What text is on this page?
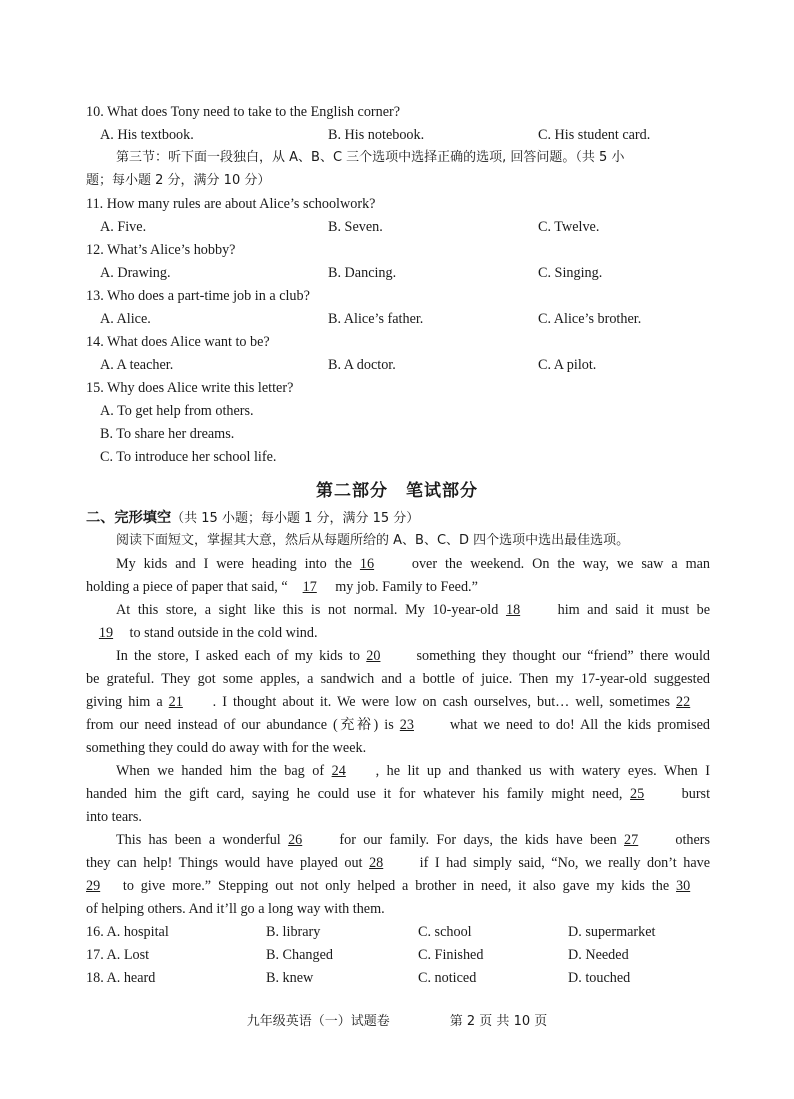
10. What does Tony need to take to the English corner?
A. His textbook.	B. His notebook.	C. His student card.
第三节：听下面一段独白，从 A、B、C 三个选项中选择正确的选项, 回答问题。（共 5 小
题；每小题 2 分，满分 10 分）
11. How many rules are about Alice’s schoolwork?
A. Five.	B. Seven.	C. Twelve.
12. What’s Alice’s hobby?
A. Drawing.	B. Dancing.	C. Singing.
13. Who does a part-time job in a club?
A. Alice.	B. Alice’s father.	C. Alice’s brother.
14. What does Alice want to be?
A. A teacher.	B. A doctor.	C. A pilot.
15. Why does Alice write this letter?
A. To get help from others.
B. To share her dreams.
C. To introduce her school life.
第二部分　笔试部分
二、完形填空（共 15 小题；每小题 1 分，满分 15 分）
阅读下面短文，掌握其大意，然后从每题所给的 A、B、C、D 四个选项中选出最佳选项。
My kids and I were heading into the 16	over the weekend. On the way, we saw a man
holding a piece of paper that said, “ 17 my job. Family to Feed.”
At this store, a sight like this is not normal. My 10-year-old 18	him and said it must be
19 to stand outside in the cold wind.
In the store, I asked each of my kids to 20	something they thought our “friend” there would
be grateful. They got some apples, a sandwich and a bottle of juice. Then my 17-year-old suggested
giving him a 21 . I thought about it. We were low on cash ourselves, but… well, sometimes 22
from our need instead of our abundance (充裕) is 23	what we need to do! All the kids promised
something they could do away with for the week.
When we handed him the bag of 24 , he lit up and thanked us with watery eyes. When I
handed him the gift card, saying he could use it for whatever his family might need, 25	burst
into tears.
This has been a wonderful 26	for our family. For days, the kids have been 27	others
they can help! Things would have played out 28	if I had simply said, “No, we really don’t have
29 to give more.” Stepping out not only helped a brother in need, it also gave my kids the 30
of helping others. And it’ll go a long way with them.
16. A. hospital	B. library	C. school	D. supermarket
17. A. Lost	B. Changed	C. Finished	D. Needed
18. A. heard	B. knew	C. noticed	D. touched
九年级英语（一）试题卷	第 2 页 共 10 页
